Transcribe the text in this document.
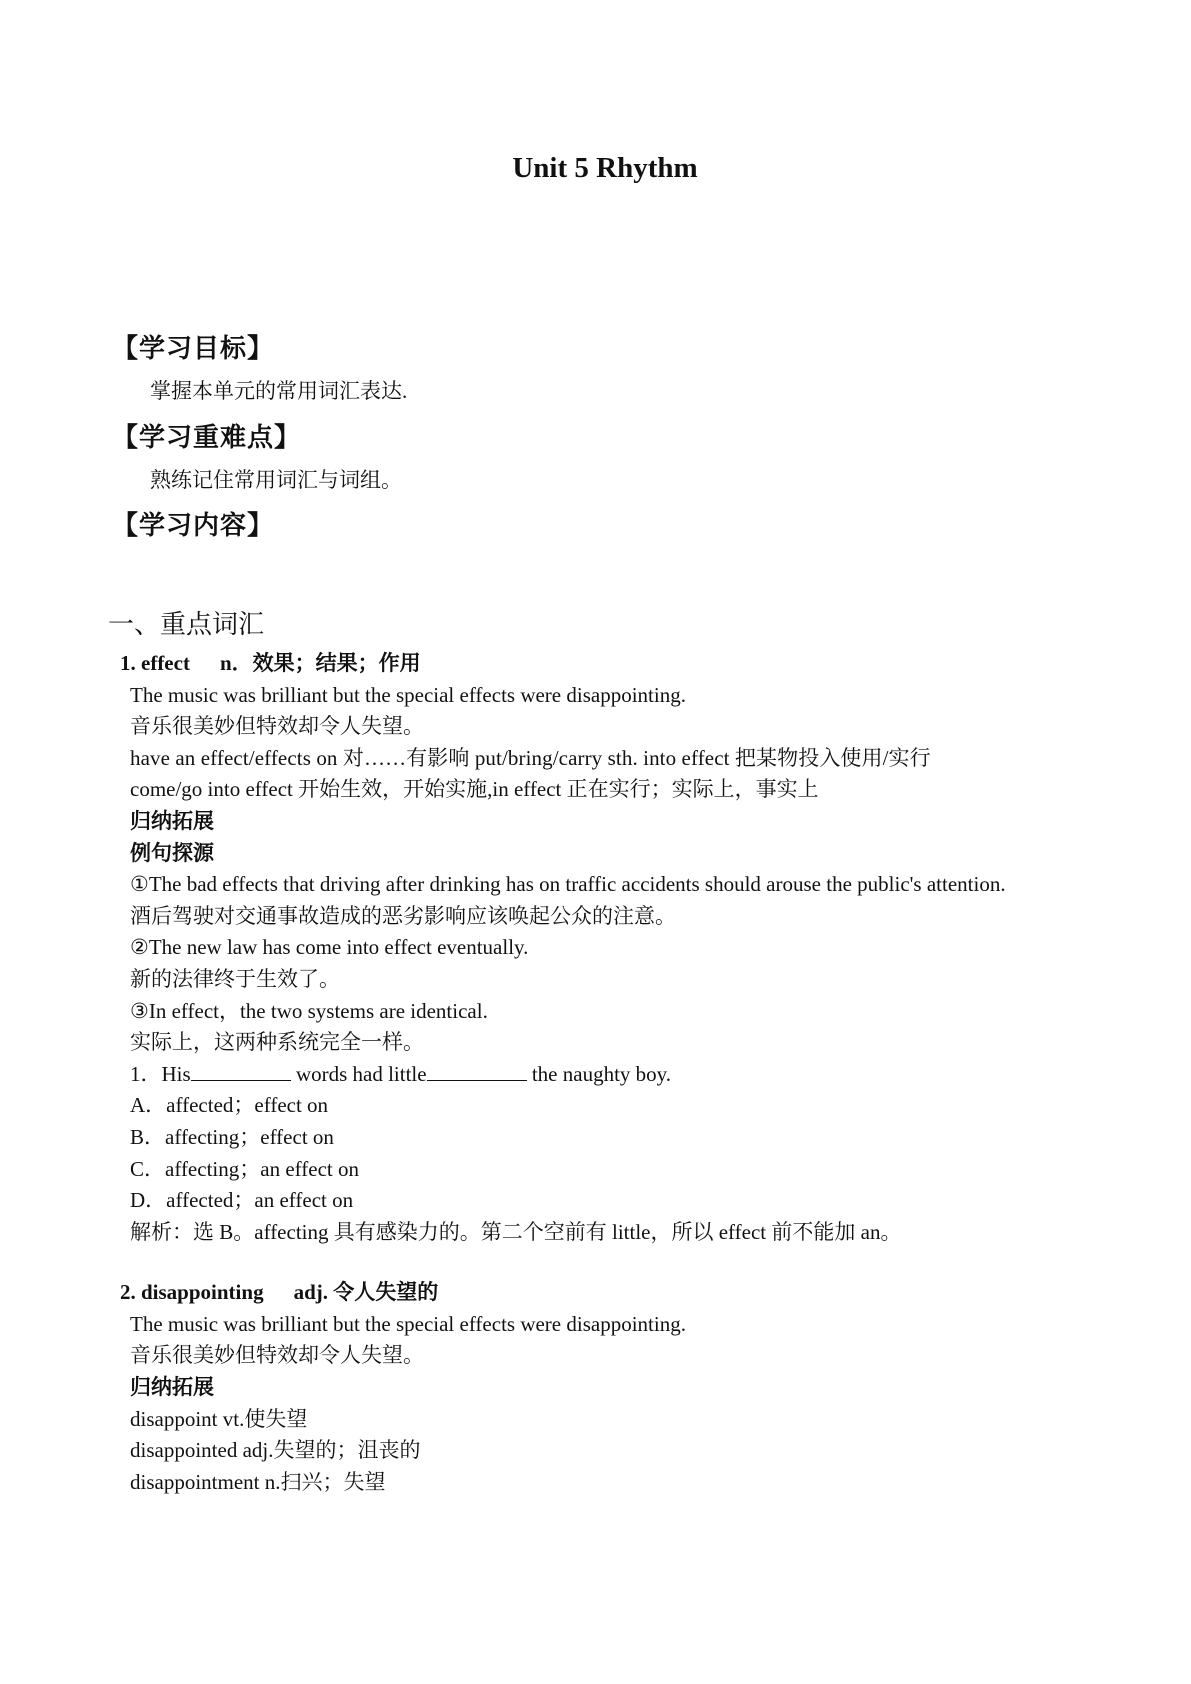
Unit 5 Rhythm
【学习目标】
掌握本单元的常用词汇表达.
【学习重难点】
熟练记住常用词汇与词组。
【学习内容】
一、重点词汇

1. effect n．效果；结果；作用

The music was brilliant but the special effects were disappointing.

音乐很美妙但特效却令人失望。

have an effect/effects on 对……有影响 put/bring/carry sth. into effect 把某物投入使用/实行

come/go into effect 开始生效，开始实施,in effect 正在实行；实际上，事实上

归纳拓展

例句探源

①The bad effects that driving after drinking has on traffic accidents should arouse the public's attention.

酒后驾驶对交通事故造成的恶劣影响应该唤起公众的注意。

②The new law has come into effect eventually.

新的法律终于生效了。

③In effect，the two systems are identical.

实际上，这两种系统完全一样。

1．His	words had little	the naughty boy.

A．affected；effect on

B．affecting；effect on

C．affecting；an effect on

D．affected；an effect on

解析：选 B。affecting 具有感染力的。第二个空前有 little，所以 effect 前不能加 an。

2. disappointing adj. 令人失望的

The music was brilliant but the special effects were disappointing.

音乐很美妙但特效却令人失望。

归纳拓展

disappoint vt.使失望

disappointed adj.失望的；沮丧的

disappointment n.扫兴；失望
